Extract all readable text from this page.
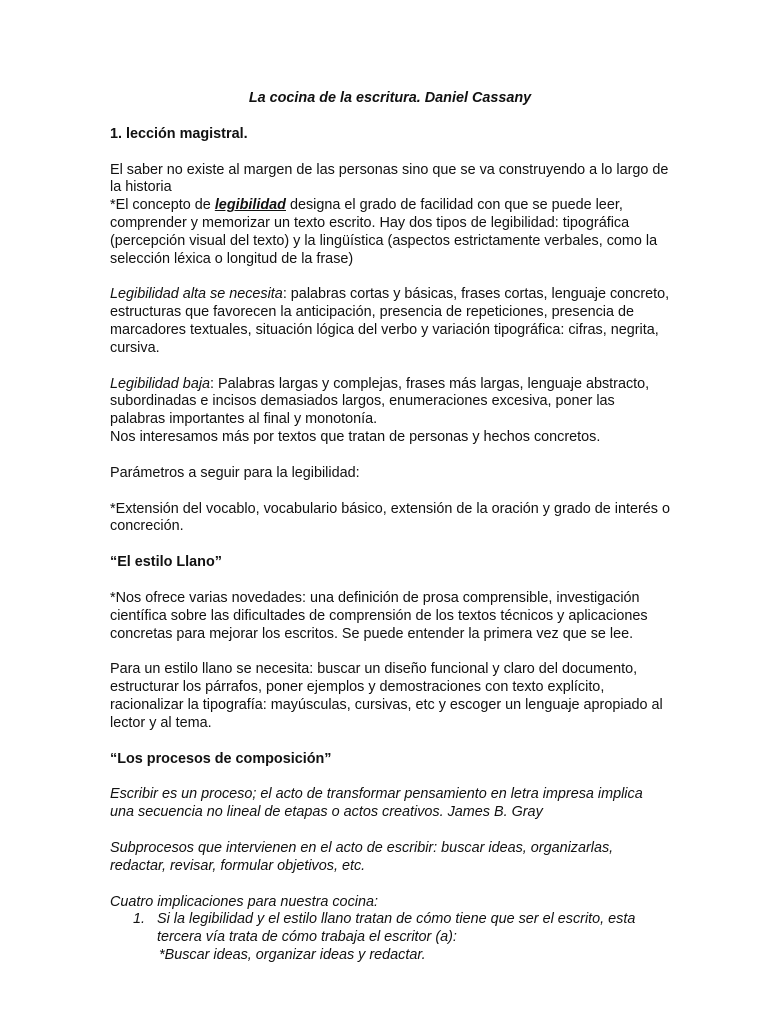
La cocina de la escritura. Daniel Cassany
1. lección magistral.

El saber no existe al margen de las personas sino que se va construyendo a lo largo de la historia

*El concepto de legibilidad designa el grado de facilidad con que se puede leer, comprender y memorizar un texto escrito. Hay dos tipos de legibilidad: tipográfica (percepción visual del texto) y la lingüística (aspectos estrictamente verbales, como la selección léxica o longitud de la frase)

Legibilidad alta se necesita: palabras cortas y básicas, frases cortas, lenguaje concreto, estructuras que favorecen la anticipación, presencia de repeticiones, presencia de marcadores textuales, situación lógica del verbo y variación tipográfica: cifras, negrita, cursiva.

Legibilidad baja: Palabras largas y complejas, frases más largas, lenguaje abstracto, subordinadas e incisos demasiados largos, enumeraciones excesiva, poner las palabras importantes al final y monotonía.

Nos interesamos más por textos que tratan de personas y hechos concretos.

Parámetros a seguir para la legibilidad:

*Extensión del vocablo, vocabulario básico, extensión de la oración y grado de interés o concreción.

“El estilo Llano”

*Nos ofrece varias novedades: una definición de prosa comprensible, investigación científica sobre las dificultades de comprensión de los textos técnicos y aplicaciones concretas para mejorar los escritos. Se puede entender la primera vez que se lee.

Para un estilo llano se necesita: buscar un diseño funcional y claro del documento, estructurar los párrafos, poner ejemplos y demostraciones con texto explícito, racionalizar la tipografía: mayúsculas, cursivas, etc y escoger un lenguaje apropiado al lector y al tema.

“Los procesos de composición”

Escribir es un proceso; el acto de transformar pensamiento en letra impresa implica una secuencia no lineal de etapas o actos creativos. James B. Gray

Subprocesos que intervienen en el acto de escribir: buscar ideas, organizarlas, redactar, revisar, formular objetivos, etc.

Cuatro implicaciones para nuestra cocina:

1. Si la legibilidad y el estilo llano tratan de cómo tiene que ser el escrito, esta tercera vía trata de cómo trabaja el escritor (a):
*Buscar ideas, organizar ideas y redactar.
